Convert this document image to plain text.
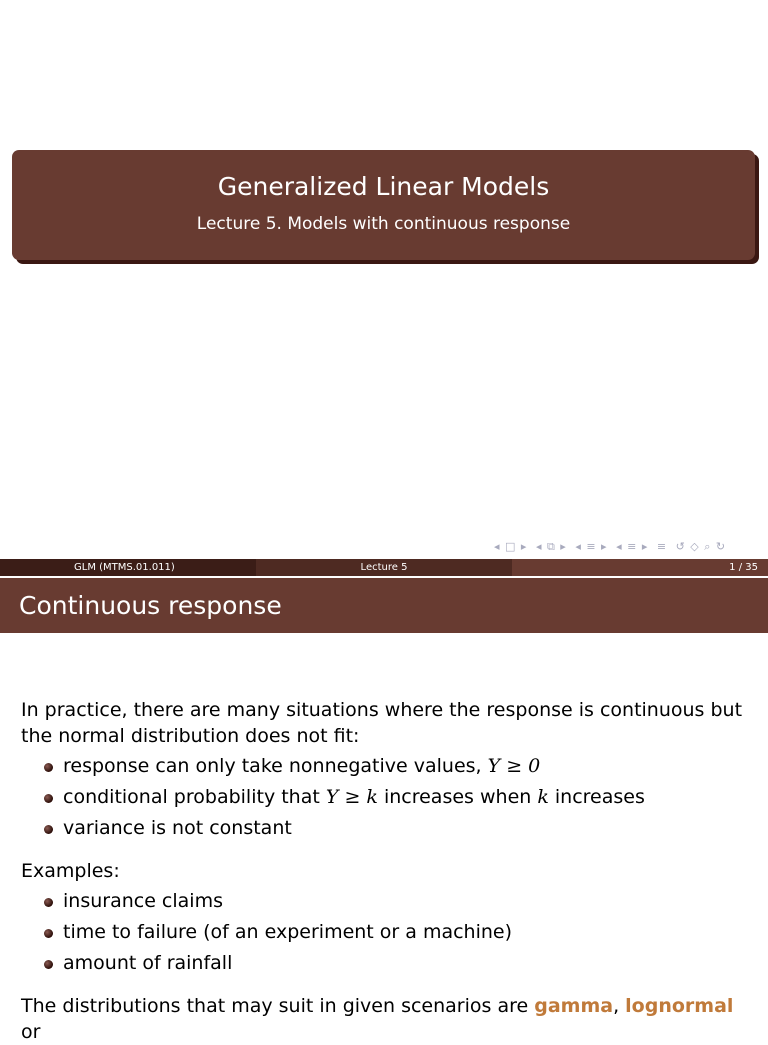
Generalized Linear Models
Lecture 5. Models with continuous response
◂ □ ▸ ◂ ⧉ ▸ ◂ ≡ ▸ ◂ ≡ ▸ ≡ ↺ ◇ ⌕ ↻
GLM (MTMS.01.011)	Lecture 5	1 / 35
Continuous response

In practice, there are many situations where the response is continuous but the normal distribution does not fit:

response can only take nonnegative values, Y ≥ 0
conditional probability that Y ≥ k increases when k increases
variance is not constant

Examples:

insurance claims
time to failure (of an experiment or a machine)
amount of rainfall

The distributions that may suit in given scenarios are gamma, lognormal or
